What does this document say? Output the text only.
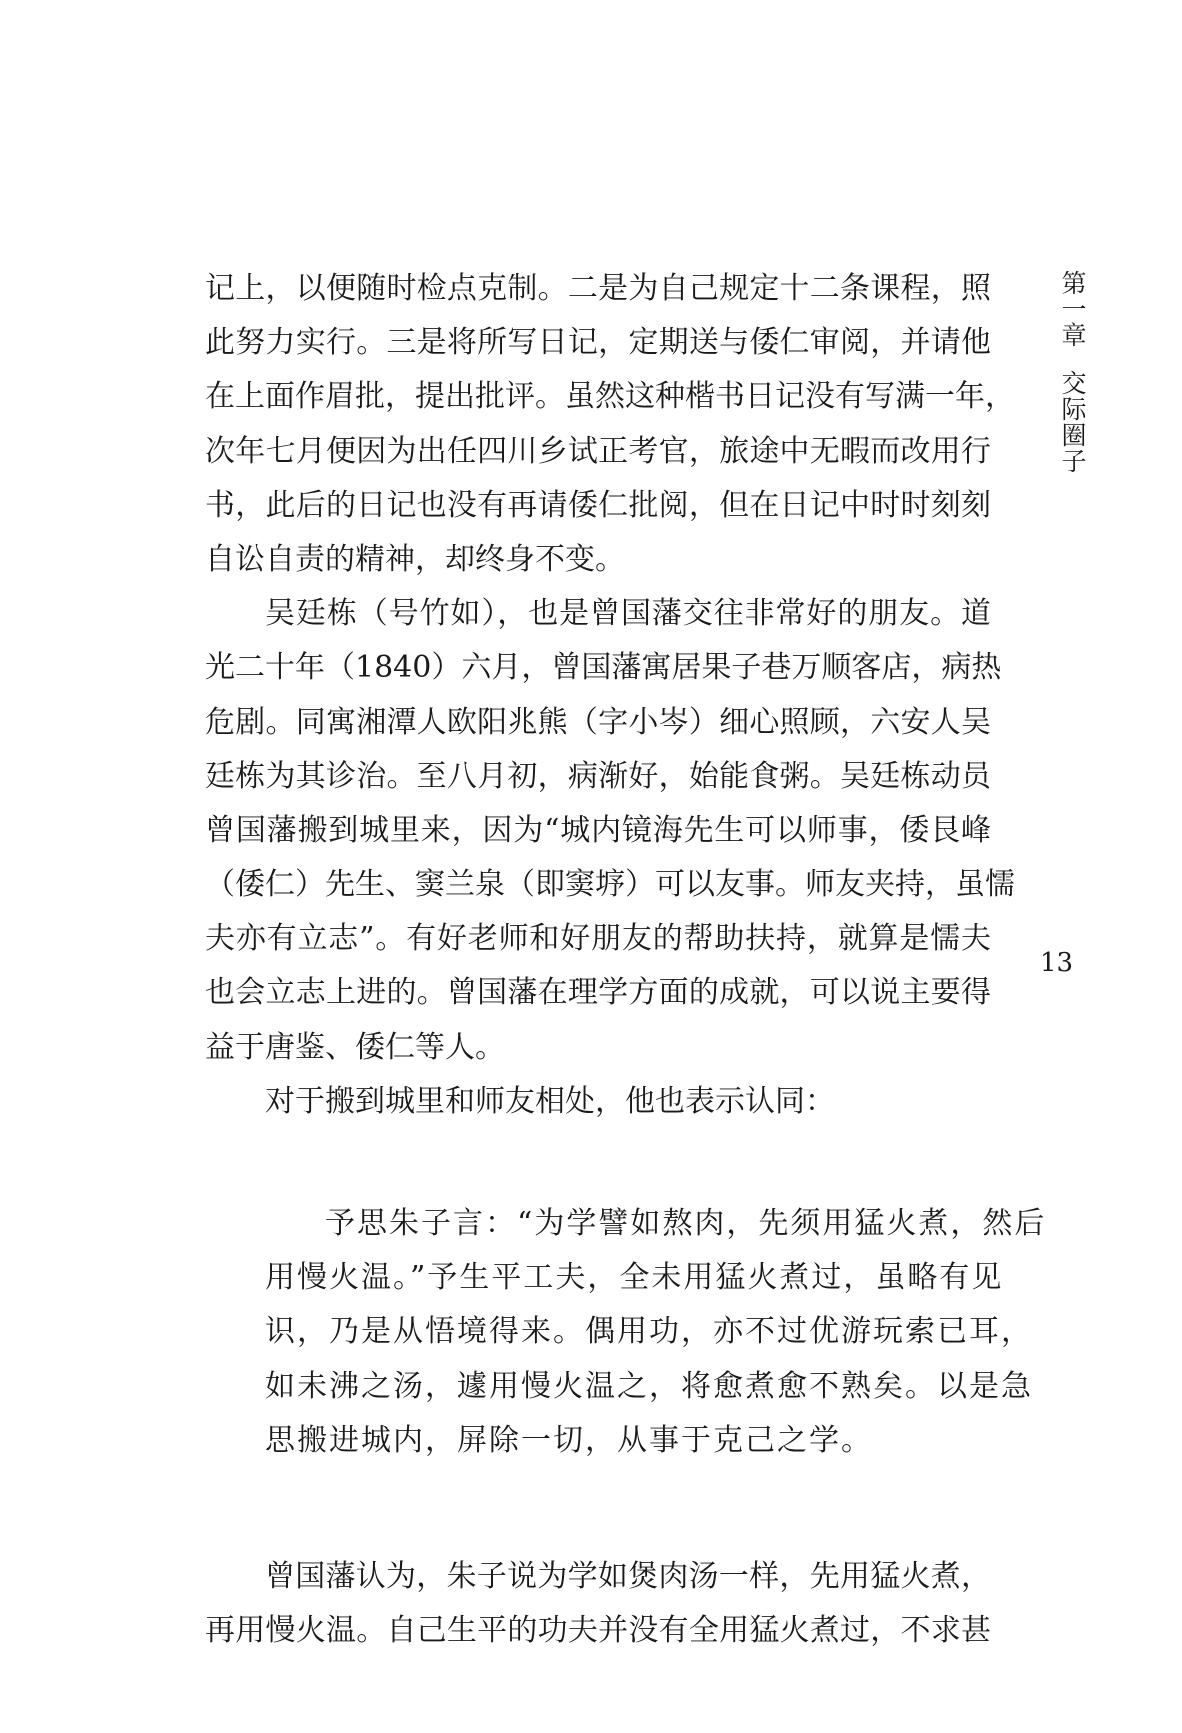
记上，以便随时检点克制。二是为自己规定十二条课程，照
此努力实行。三是将所写日记，定期送与倭仁审阅，并请他
在上面作眉批，提出批评。虽然这种楷书日记没有写满一年，
次年七月便因为出任四川乡试正考官，旅途中无暇而改用行
书，此后的日记也没有再请倭仁批阅，但在日记中时时刻刻
自讼自责的精神，却终身不变。
吴廷栋（号竹如），也是曾国藩交往非常好的朋友。道
光二十年（1840）六月，曾国藩寓居果子巷万顺客店，病热
危剧。同寓湘潭人欧阳兆熊（字小岑）细心照顾，六安人吴
廷栋为其诊治。至八月初，病渐好，始能食粥。吴廷栋动员
曾国藩搬到城里来，因为“城内镜海先生可以师事，倭艮峰
（倭仁）先生、窦兰泉（即窦垿）可以友事。师友夹持，虽懦
夫亦有立志”。有好老师和好朋友的帮助扶持，就算是懦夫
也会立志上进的。曾国藩在理学方面的成就，可以说主要得
益于唐鉴、倭仁等人。
对于搬到城里和师友相处，他也表示认同：
予思朱子言：“为学譬如熬肉，先须用猛火煮，然后
用慢火温。”予生平工夫，全未用猛火煮过，虽略有见
识，乃是从悟境得来。偶用功，亦不过优游玩索已耳，
如未沸之汤，遽用慢火温之，将愈煮愈不熟矣。以是急
思搬进城内，屏除一切，从事于克己之学。
曾国藩认为，朱子说为学如煲肉汤一样，先用猛火煮，
再用慢火温。自己生平的功夫并没有全用猛火煮过，不求甚
第一章交际圈子
13
